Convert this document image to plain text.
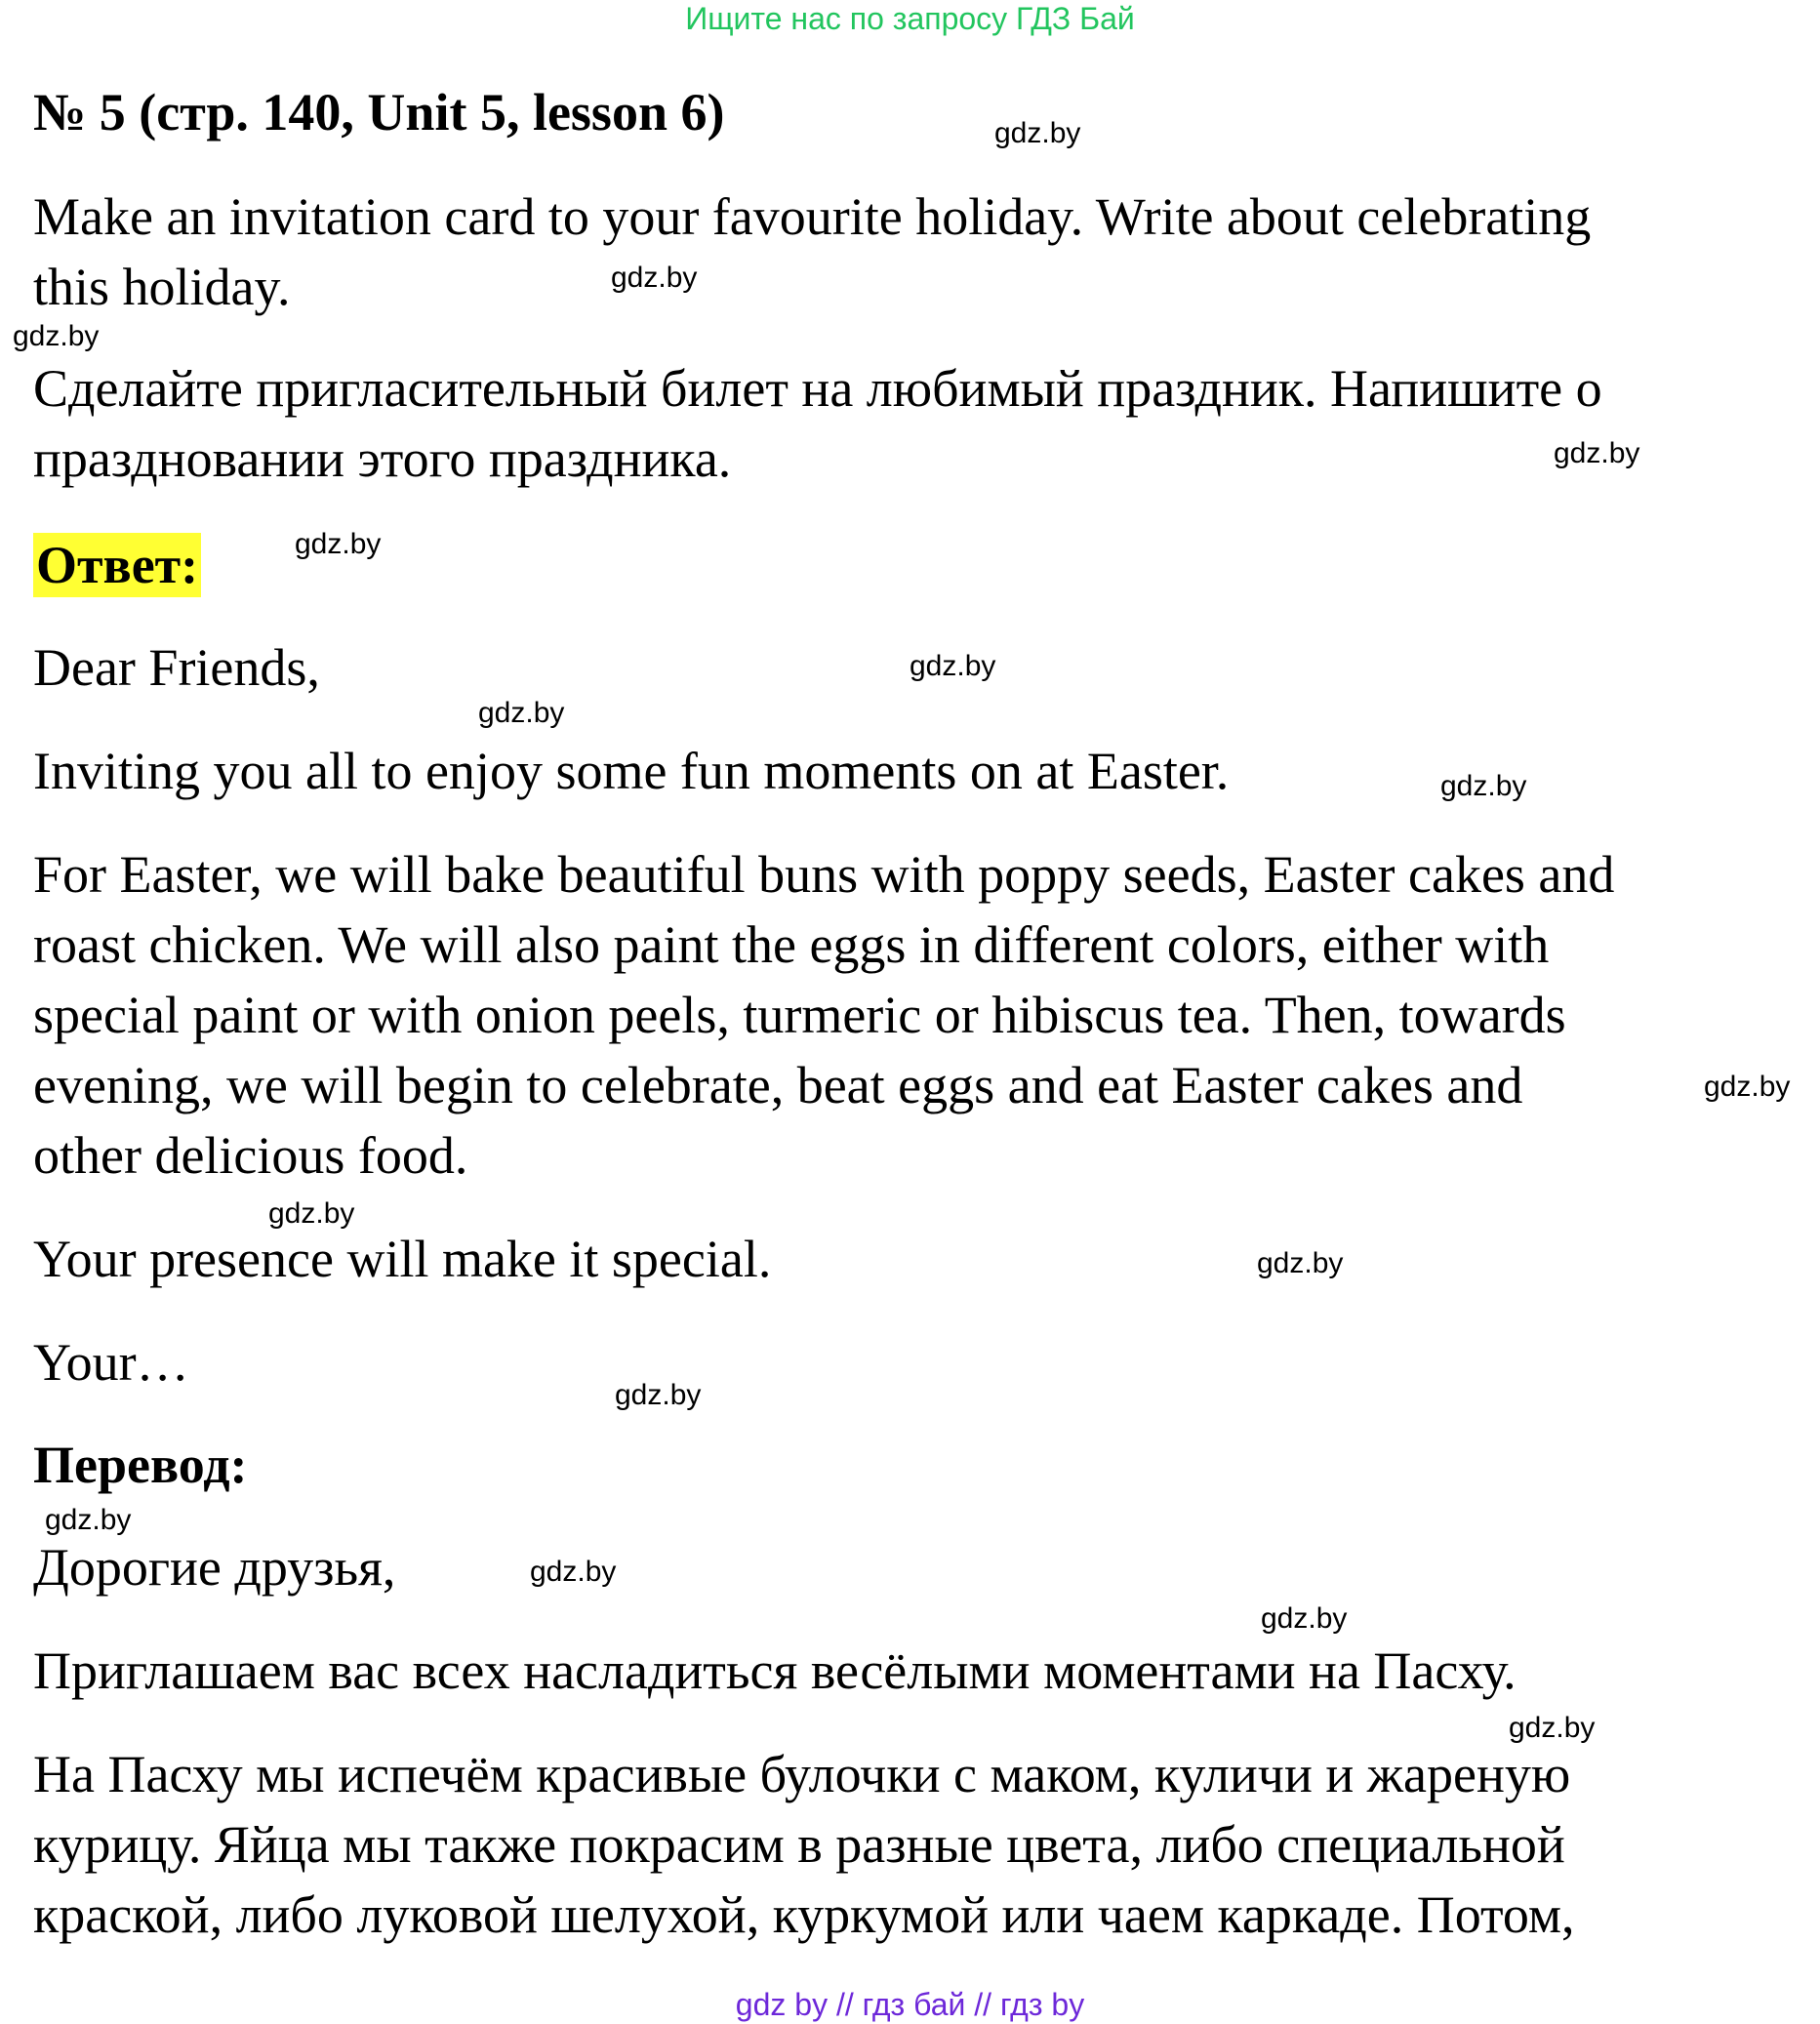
Ищите нас по запросу ГДЗ Бай
№ 5 (стр. 140, Unit 5, lesson 6)
Make an invitation card to your favourite holiday. Write about celebrating
this holiday.
Сделайте пригласительный билет на любимый праздник. Напишите о
праздновании этого праздника.
Ответ:
Dear Friends,
Inviting you all to enjoy some fun moments on at Easter.
For Easter, we will bake beautiful buns with poppy seeds, Easter cakes and
roast chicken. We will also paint the eggs in different colors, either with
special paint or with onion peels, turmeric or hibiscus tea. Then, towards
evening, we will begin to celebrate, beat eggs and eat Easter cakes and
other delicious food.
Your presence will make it special.
Your…
Перевод:
Дорогие друзья,
Приглашаем вас всех насладиться весёлыми моментами на Пасху.
На Пасху мы испечём красивые булочки с маком, куличи и жареную
курицу. Яйца мы также покрасим в разные цвета, либо специальной
краской, либо луковой шелухой, куркумой или чаем каркаде. Потом,
gdz.by
gdz.by
gdz.by
gdz.by
gdz.by
gdz.by
gdz.by
gdz.by
gdz.by
gdz.by
gdz.by
gdz.by
gdz.by
gdz.by
gdz.by
gdz.by
gdz by // гдз бай // гдз by
